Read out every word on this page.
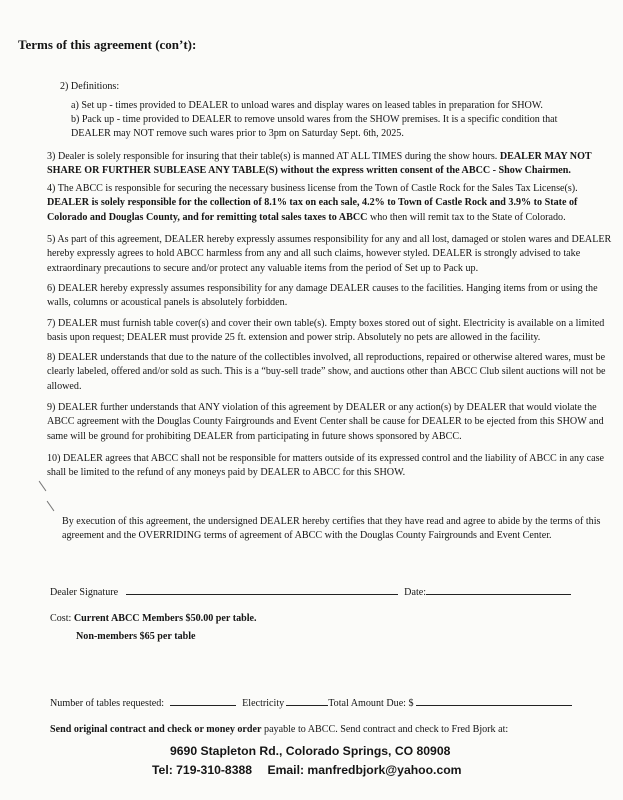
Terms of this agreement (con’t):
2) Definitions:
a) Set up - times provided to DEALER to unload wares and display wares on leased tables in preparation for SHOW.
b) Pack up - time provided to DEALER to remove unsold wares from the SHOW premises. It is a specific condition that
DEALER may NOT remove such wares prior to 3pm on Saturday Sept. 6th, 2025.
3) Dealer is solely responsible for insuring that their table(s) is manned AT ALL TIMES during the show hours. DEALER MAY NOT SHARE OR FURTHER SUBLEASE ANY TABLE(S) without the express written consent of the ABCC - Show Chairmen.
4) The ABCC is responsible for securing the necessary business license from the Town of Castle Rock for the Sales Tax License(s). DEALER is solely responsible for the collection of 8.1% tax on each sale, 4.2% to Town of Castle Rock and 3.9% to State of Colorado and Douglas County, and for remitting total sales taxes to ABCC who then will remit tax to the State of Colorado.
5) As part of this agreement, DEALER hereby expressly assumes responsibility for any and all lost, damaged or stolen wares and DEALER hereby expressly agrees to hold ABCC harmless from any and all such claims, however styled. DEALER is strongly advised to take extraordinary precautions to secure and/or protect any valuable items from the period of Set up to Pack up.
6) DEALER hereby expressly assumes responsibility for any damage DEALER causes to the facilities. Hanging items from or using the walls, columns or acoustical panels is absolutely forbidden.
7) DEALER must furnish table cover(s) and cover their own table(s). Empty boxes stored out of sight. Electricity is available on a limited basis upon request; DEALER must provide 25 ft. extension and power strip. Absolutely no pets are allowed in the facility.
8) DEALER understands that due to the nature of the collectibles involved, all reproductions, repaired or otherwise altered wares, must be clearly labeled, offered and/or sold as such. This is a “buy-sell trade” show, and auctions other than ABCC Club silent auctions will not be allowed.
9) DEALER further understands that ANY violation of this agreement by DEALER or any action(s) by DEALER that would violate the ABCC agreement with the Douglas County Fairgrounds and Event Center shall be cause for DEALER to be ejected from this SHOW and same will be ground for prohibiting DEALER from participating in future shows sponsored by ABCC.
10) DEALER agrees that ABCC shall not be responsible for matters outside of its expressed control and the liability of ABCC in any case shall be limited to the refund of any moneys paid by DEALER to ABCC for this SHOW.
By execution of this agreement, the undersigned DEALER hereby certifies that they have read and agree to abide by the terms of this agreement and the OVERRIDING terms of agreement of ABCC with the Douglas County Fairgrounds and Event Center.
Dealer Signature	Date:
Cost: Current ABCC Members $50.00 per table.
Non-members $65 per table
Number of tables requested:	Electricity	Total Amount Due: $
Send original contract and check or money order payable to ABCC. Send contract and check to Fred Bjork at:
9690 Stapleton Rd., Colorado Springs, CO 80908
Tel: 719-310-8388 Email: manfredbjork@yahoo.com
